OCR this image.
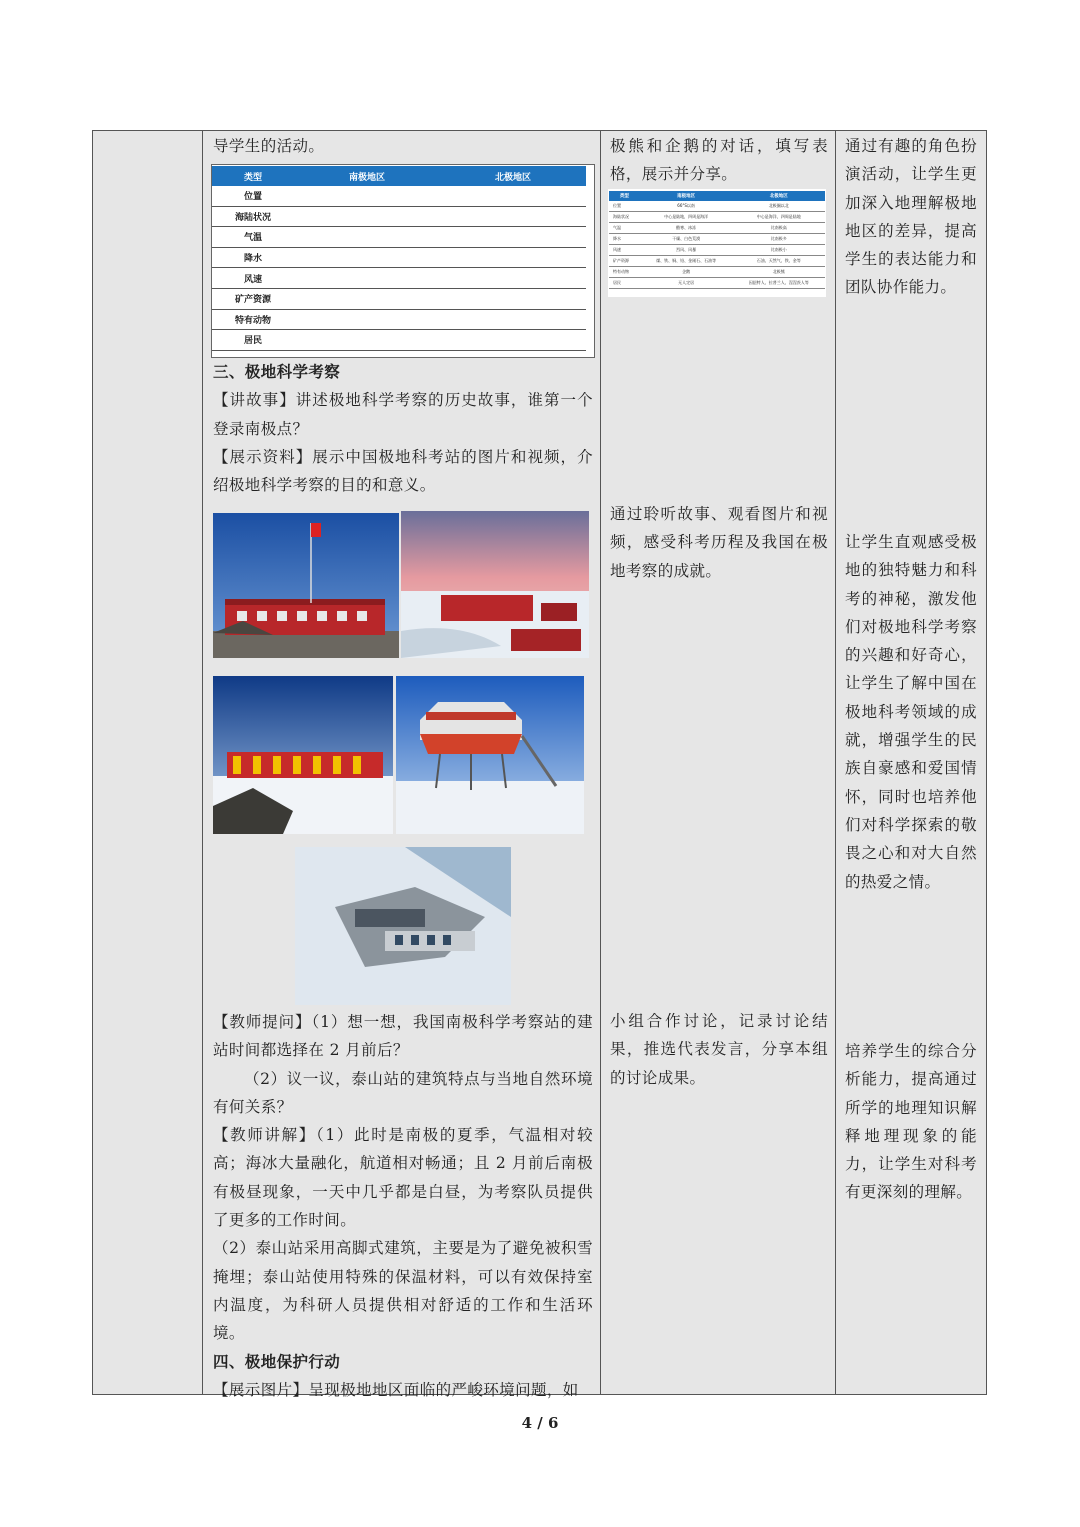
导学生的活动。
类型	南极地区	北极地区
位置		
海陆状况		
气温		
降水		
风速		
矿产资源		
特有动物		
居民		

三、极地科学考察

【讲故事】讲述极地科学考察的历史故事，谁第一个登录南极点？

【展示资料】展示中国极地科考站的图片和视频，介绍极地科学考察的目的和意义。

【教师提问】（1）想一想，我国南极科学考察站的建站时间都选择在 2 月前后？

（2）议一议，泰山站的建筑特点与当地自然环境有何关系？

【教师讲解】（1）此时是南极的夏季，气温相对较高；海冰大量融化，航道相对畅通；且 2 月前后南极有极昼现象，一天中几乎都是白昼，为考察队员提供了更多的工作时间。

（2）泰山站采用高脚式建筑，主要是为了避免被积雪掩埋；泰山站使用特殊的保温材料，可以有效保持室内温度，为科研人员提供相对舒适的工作和生活环境。

四、极地保护行动

【展示图片】呈现极地地区面临的严峻环境问题，如

极熊和企鹅的对话，填写表格，展示并分享。
类型	南极地区	北极地区
位置	66°S以南	北极圈以北
海陆状况	中心是陆地，四周是海洋	中心是海洋，四周是陆地
气温	酷寒、冰冻	比南极高
降水	干燥、白色荒漠	比南极多
风速	烈风、风暴	比南极小
矿产资源	煤、铁、铜、铅、金刚石、石油等	石油、天然气、铁、金等
特有动物	企鹅	北极熊
居民	无人定居	因纽特人、拉普兰人、涅涅茨人等
通过聆听故事、观看图片和视频，感受科考历程及我国在极地考察的成就。
小组合作讨论，记录讨论结果，推选代表发言，分享本组的讨论成果。
通过有趣的角色扮演活动，让学生更加深入地理解极地地区的差异，提高学生的表达能力和团队协作能力。
让学生直观感受极地的独特魅力和科考的神秘，激发他们对极地科学考察的兴趣和好奇心，让学生了解中国在极地科考领域的成就，增强学生的民族自豪感和爱国情怀，同时也培养他们对科学探索的敬畏之心和对大自然的热爱之情。
培养学生的综合分析能力，提高通过所学的地理知识解释地理现象的能力，让学生对科考有更深刻的理解。
4 / 6
